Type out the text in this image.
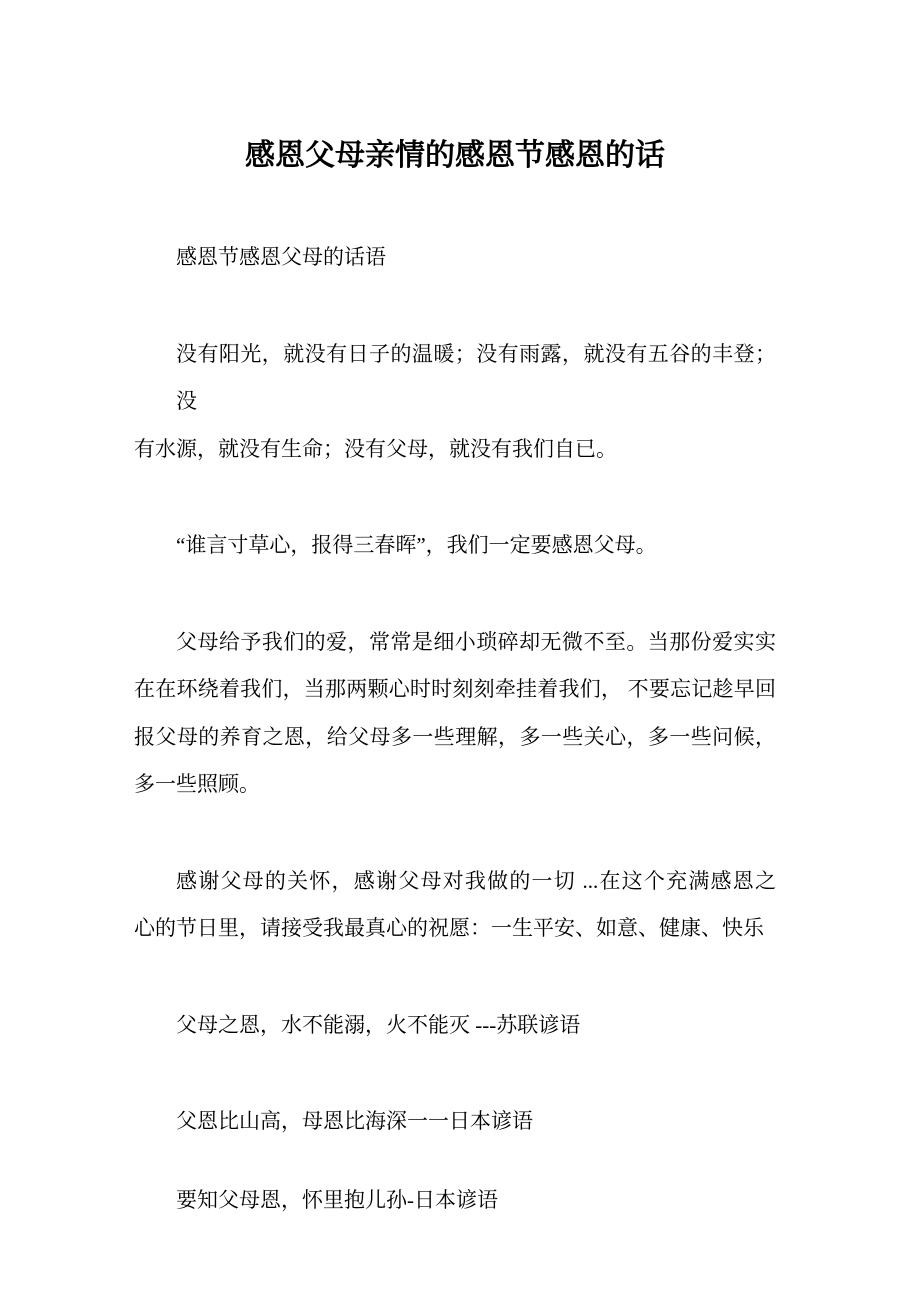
感恩父母亲情的感恩节感恩的话
感恩节感恩父母的话语
没有阳光，就没有日子的温暖；没有雨露，就没有五谷的丰登；没
有水源，就没有生命；没有父母，就没有我们自已。
“谁言寸草心，报得三春晖”，我们一定要感恩父母。
父母给予我们的爱，常常是细小琐碎却无微不至。当那份爱实实
在在环绕着我们，当那两颗心时时刻刻牵挂着我们， 不要忘记趁早回
报父母的养育之恩，给父母多一些理解，多一些关心，多一些问候，
多一些照顾。
感谢父母的关怀，感谢父母对我做的一切 ...在这个充满感恩之
心的节日里，请接受我最真心的祝愿：一生平安、如意、健康、快乐
父母之恩，水不能溺，火不能灭 ---苏联谚语
父恩比山高，母恩比海深一一日本谚语
要知父母恩，怀里抱儿孙-日本谚语
